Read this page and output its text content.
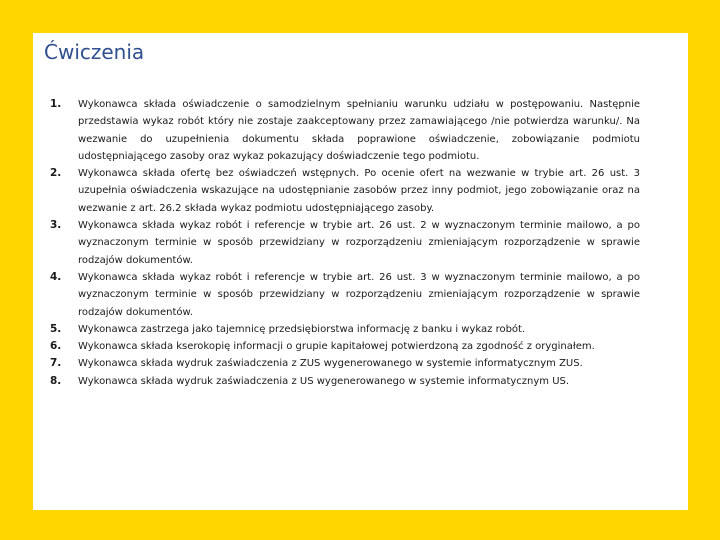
Ćwiczenia
1.	Wykonawca składa oświadczenie o samodzielnym spełnianiu warunku udziału w postępowaniu. Następnie przedstawia wykaz robót który nie zostaje zaakceptowany przez zamawiającego /nie potwierdza warunku/. Na wezwanie do uzupełnienia dokumentu składa poprawione oświadczenie, zobowiązanie podmiotu udostępniającego zasoby oraz wykaz pokazujący doświadczenie tego podmiotu.
2.	Wykonawca składa ofertę bez oświadczeń wstępnych. Po ocenie ofert na wezwanie w trybie art. 26 ust. 3 uzupełnia oświadczenia wskazujące na udostępnianie zasobów przez inny podmiot, jego zobowiązanie oraz na wezwanie z art. 26.2 składa wykaz podmiotu udostępniającego zasoby.
3.	Wykonawca składa wykaz robót i referencje w trybie art. 26 ust. 2 w wyznaczonym terminie mailowo, a po wyznaczonym terminie w sposób przewidziany w rozporządzeniu zmieniającym rozporządzenie w sprawie rodzajów dokumentów.
4.	Wykonawca składa wykaz robót i referencje w trybie art. 26 ust. 3 w wyznaczonym terminie mailowo, a po wyznaczonym terminie w sposób przewidziany w rozporządzeniu zmieniającym rozporządzenie w sprawie rodzajów dokumentów.
5.	Wykonawca zastrzega jako tajemnicę przedsiębiorstwa informację z banku i wykaz robót.
6.	Wykonawca składa kserokopię informacji o grupie kapitałowej potwierdzoną za zgodność z oryginałem.
7.	Wykonawca składa wydruk zaświadczenia z ZUS wygenerowanego w systemie informatycznym ZUS.
8.	Wykonawca składa wydruk zaświadczenia z US wygenerowanego w systemie informatycznym US.
